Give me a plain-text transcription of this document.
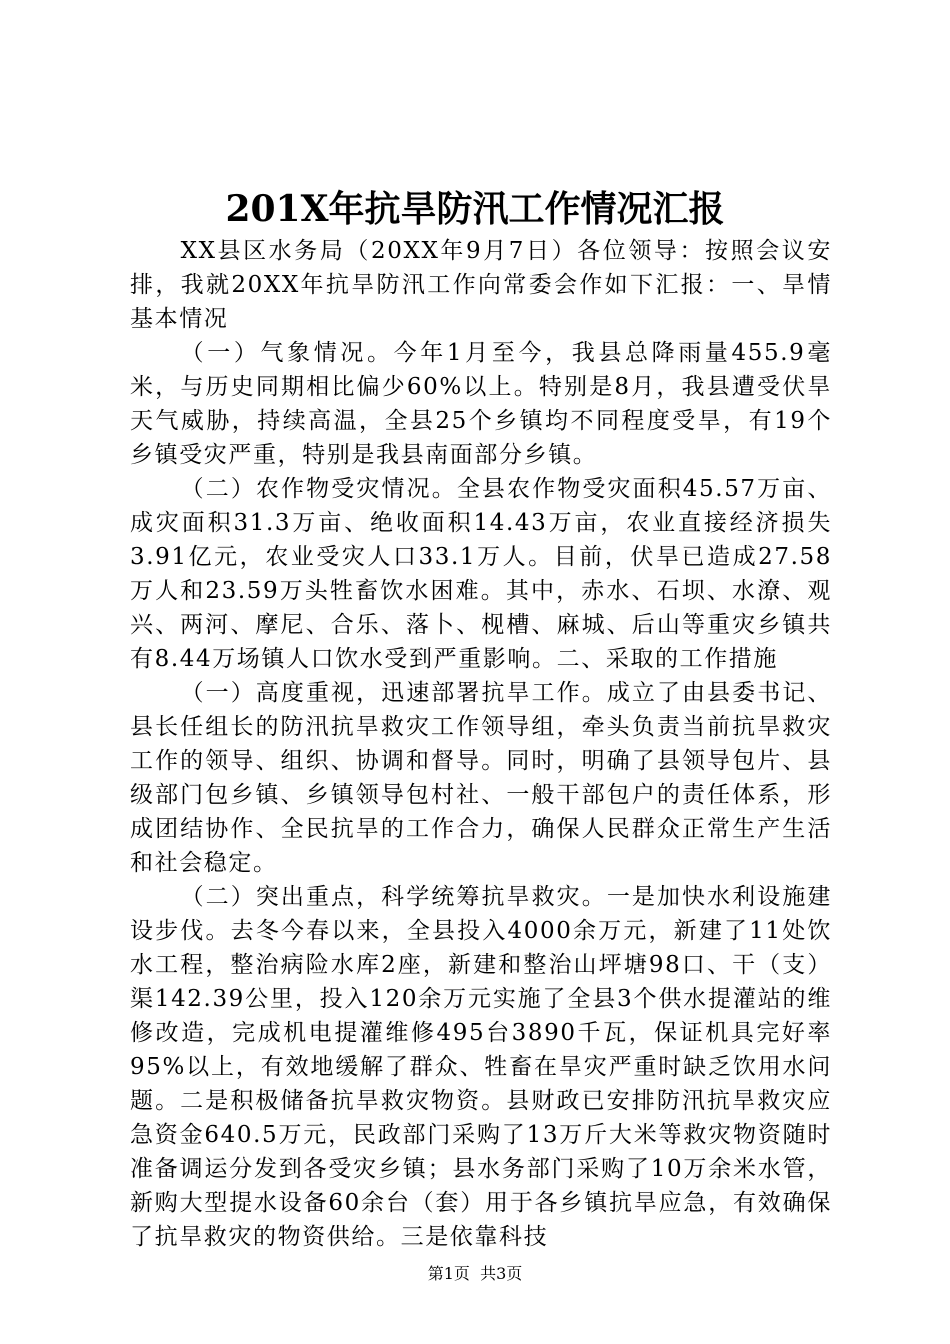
201X年抗旱防汛工作情况汇报

XX县区水务局（20XX年9月7日）各位领导：按照会议安排，我就20XX年抗旱防汛工作向常委会作如下汇报：一、旱情基本情况

（一）气象情况。今年1月至今，我县总降雨量455.9毫米，与历史同期相比偏少60%以上。特别是8月，我县遭受伏旱天气威胁，持续高温，全县25个乡镇均不同程度受旱，有19个乡镇受灾严重，特别是我县南面部分乡镇。

（二）农作物受灾情况。全县农作物受灾面积45.57万亩、成灾面积31.3万亩、绝收面积14.43万亩，农业直接经济损失3.91亿元，农业受灾人口33.1万人。目前，伏旱已造成27.58万人和23.59万头牲畜饮水困难。其中，赤水、石坝、水潦、观兴、两河、摩尼、合乐、落卜、枧槽、麻城、后山等重灾乡镇共有8.44万场镇人口饮水受到严重影响。二、采取的工作措施

（一）高度重视，迅速部署抗旱工作。成立了由县委书记、县长任组长的防汛抗旱救灾工作领导组，牵头负责当前抗旱救灾工作的领导、组织、协调和督导。同时，明确了县领导包片、县级部门包乡镇、乡镇领导包村社、一般干部包户的责任体系，形成团结协作、全民抗旱的工作合力，确保人民群众正常生产生活和社会稳定。

（二）突出重点，科学统筹抗旱救灾。一是加快水利设施建设步伐。去冬今春以来，全县投入4000余万元，新建了11处饮水工程，整治病险水库2座，新建和整治山坪塘98口、干（支）渠142.39公里，投入120余万元实施了全县3个供水提灌站的维修改造，完成机电提灌维修495台3890千瓦，保证机具完好率95%以上，有效地缓解了群众、牲畜在旱灾严重时缺乏饮用水问题。二是积极储备抗旱救灾物资。县财政已安排防汛抗旱救灾应急资金640.5万元，民政部门采购了13万斤大米等救灾物资随时准备调运分发到各受灾乡镇；县水务部门采购了10万余米水管，新购大型提水设备60余台（套）用于各乡镇抗旱应急，有效确保了抗旱救灾的物资供给。三是依靠科技

第1页 共3页
